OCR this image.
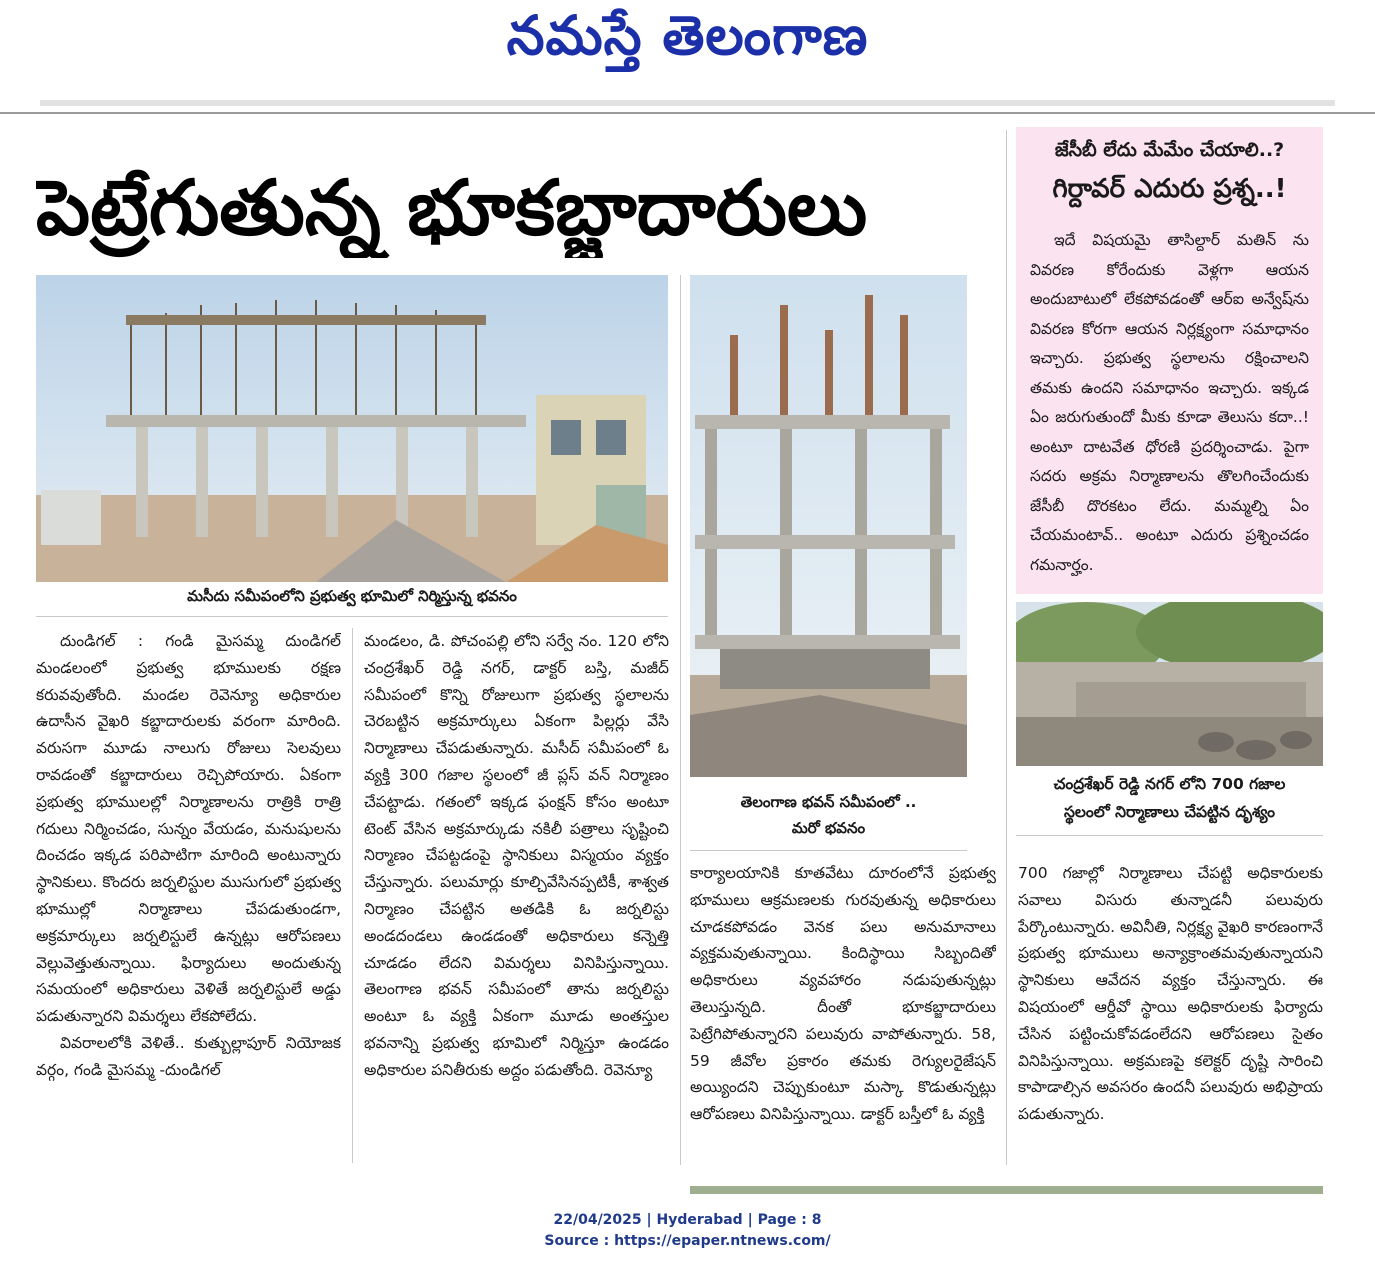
నమస్తే తెలంగాణ
పెట్రేగుతున్న భూకబ్జాదారులు
జేసీబీ లేదు మేమేం చేయాలి..?
గిర్దావర్ ఎదురు ప్రశ్న..!
ఇదే విషయమై తాసిల్దార్ మతిన్ ను వివరణ కోరేందుకు వెళ్లగా ఆయన అందుబాటులో లేకపోవడంతో ఆర్ఐ అన్వేష్‌ను వివరణ కోరగా ఆయన నిర్లక్ష్యంగా సమాధానం ఇచ్చారు. ప్రభుత్వ స్థలాలను రక్షించాలని తమకు ఉందని సమాధానం ఇచ్చారు. ఇక్కడ ఏం జరుగుతుందో మీకు కూడా తెలుసు కదా..! అంటూ దాటవేత ధోరణి ప్రదర్శించాడు. పైగా సదరు అక్రమ నిర్మాణాలను తొలగించేందుకు జేసీబీ దొరకటం లేదు. మమ్మల్ని ఏం చేయమంటావ్.. అంటూ ఎదురు ప్రశ్నించడం గమనార్హం.
మసీదు సమీపంలోని ప్రభుత్వ భూమిలో నిర్మిస్తున్న భవనం
తెలంగాణ భవన్ సమీపంలో ..
మరో భవనం
చంద్రశేఖర్ రెడ్డి నగర్ లోని 700 గజాల
స్థలంలో నిర్మాణాలు చేపట్టిన దృశ్యం

దుండిగల్ : గండి మైసమ్మ దుండిగల్ మండలంలో ప్రభుత్వ భూములకు రక్షణ కరువవుతోంది. మండల రెవెన్యూ అధికారుల ఉదాసీన వైఖరి కబ్జాదారులకు వరంగా మారింది. వరుసగా మూడు నాలుగు రోజులు సెలవులు రావడంతో కబ్జాదారులు రెచ్చిపోయారు. ఏకంగా ప్రభుత్వ భూములల్లో నిర్మాణాలను రాత్రికి రాత్రి గదులు నిర్మించడం, సున్నం వేయడం, మనుషులను దించడం ఇక్కడ పరిపాటిగా మారింది అంటున్నారు స్థానికులు. కొందరు జర్నలిస్టుల ముసుగులో ప్రభుత్వ భూముల్లో నిర్మాణాలు చేపడుతుండగా, అక్రమార్కులు జర్నలిస్టులే ఉన్నట్లు ఆరోపణలు వెల్లువెత్తుతున్నాయి. ఫిర్యాదులు అందుతున్న సమయంలో అధికారులు వెళితే జర్నలిస్టులే అడ్డు పడుతున్నారని విమర్శలు లేకపోలేదు.

వివరాలలోకి వెళితే.. కుత్బుల్లాపూర్ నియోజక వర్గం, గండి మైసమ్మ -దుండిగల్

మండలం, డి. పోచంపల్లి లోని సర్వే నం. 120 లోని చంద్రశేఖర్ రెడ్డి నగర్, డాక్టర్ బస్తి, మజీద్ సమీపంలో కొన్ని రోజులుగా ప్రభుత్వ స్థలాలను చెరబట్టిన అక్రమార్కులు ఏకంగా పిల్లర్లు వేసి నిర్మాణాలు చేపడుతున్నారు. మసీద్ సమీపంలో ఓ వ్యక్తి 300 గజాల స్థలంలో జీ ప్లస్ వన్ నిర్మాణం చేపట్టాడు. గతంలో ఇక్కడ ఫంక్షన్ కోసం అంటూ టెంట్ వేసిన అక్రమార్కుడు నకిలీ పత్రాలు సృష్టించి నిర్మాణం చేపట్టడంపై స్థానికులు విస్మయం వ్యక్తం చేస్తున్నారు. పలుమార్లు కూల్చివేసినప్పటికీ, శాశ్వత నిర్మాణం చేపట్టిన అతడికి ఓ జర్నలిస్టు అండదండలు ఉండడంతో అధికారులు కన్నెత్తి చూడడం లేదని విమర్శలు వినిపిస్తున్నాయి. తెలంగాణ భవన్ సమీపంలో తాను జర్నలిస్టు అంటూ ఓ వ్యక్తి ఏకంగా మూడు అంతస్తుల భవనాన్ని ప్రభుత్వ భూమిలో నిర్మిస్తూ ఉండడం అధికారుల పనితీరుకు అద్దం పడుతోంది. రెవెన్యూ

కార్యాలయానికి కూతవేటు దూరంలోనే ప్రభుత్వ భూములు ఆక్రమణలకు గురవుతున్న అధికారులు చూడకపోవడం వెనక పలు అనుమానాలు వ్యక్తమవుతున్నాయి. కిందిస్థాయి సిబ్బందితో అధికారులు వ్యవహారం నడుపుతున్నట్లు తెలుస్తున్నది. దీంతో భూకబ్జాదారులు పెట్రేగిపోతున్నారని పలువురు వాపోతున్నారు. 58, 59 జీవోల ప్రకారం తమకు రెగ్యులరైజేషన్ అయ్యిందని చెప్పుకుంటూ మస్కా కొడుతున్నట్లు ఆరోపణలు వినిపిస్తున్నాయి. డాక్టర్ బస్తీలో ఓ వ్యక్తి

700 గజాల్లో నిర్మాణాలు చేపట్టి అధికారులకు సవాలు విసురు తున్నాడనీ పలువురు పేర్కొంటున్నారు. అవినీతి, నిర్లక్ష్య వైఖరి కారణంగానే ప్రభుత్వ భూములు అన్యాక్రాంతమవుతున్నాయని స్థానికులు ఆవేదన వ్యక్తం చేస్తున్నారు. ఈ విషయంలో ఆర్డీవో స్థాయి అధికారులకు ఫిర్యాదు చేసిన పట్టించుకోవడంలేదని ఆరోపణలు సైతం వినిపిస్తున్నాయి. అక్రమణపై కలెక్టర్ దృష్టి సారించి కాపాడాల్సిన అవసరం ఉందనీ పలువురు అభిప్రాయ పడుతున్నారు.

22/04/2025 | Hyderabad | Page : 8
Source : https://epaper.ntnews.com/
